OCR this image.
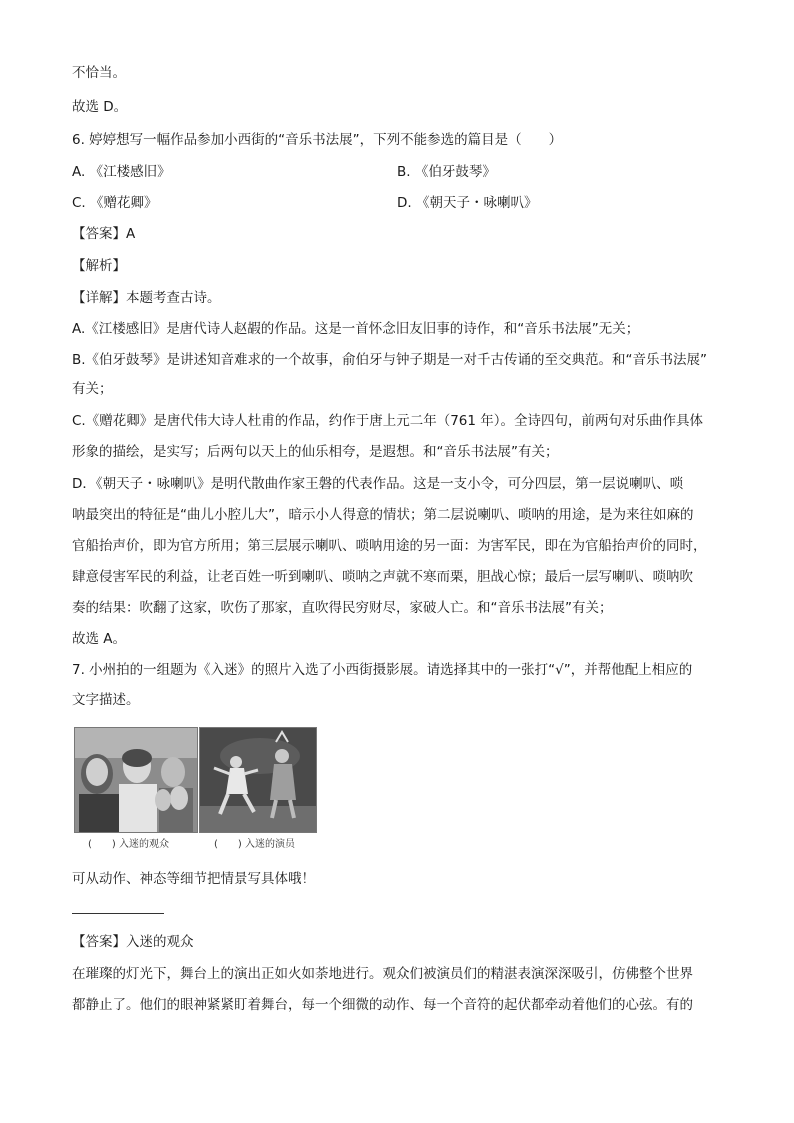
不恰当。
故选 D。
6. 婷婷想写一幅作品参加小西街的“音乐书法展”，下列不能参选的篇目是（　　）
A. 《江楼感旧》	B. 《伯牙鼓琴》
C. 《赠花卿》	D. 《朝天子・咏喇叭》
【答案】A
【解析】
【详解】本题考查古诗。
A.《江楼感旧》是唐代诗人赵嘏的作品。这是一首怀念旧友旧事的诗作，和“音乐书法展”无关；
B.《伯牙鼓琴》是讲述知音难求的一个故事，俞伯牙与钟子期是一对千古传诵的至交典范。和“音乐书法展”
有关；
C.《赠花卿》是唐代伟大诗人杜甫的作品，约作于唐上元二年（761 年）。全诗四句，前两句对乐曲作具体
形象的描绘，是实写；后两句以天上的仙乐相夸，是遐想。和“音乐书法展”有关；
D．《朝天子・咏喇叭》是明代散曲作家王磐的代表作品。这是一支小令，可分四层，第一层说喇叭、唢
呐最突出的特征是“曲儿小腔儿大”，暗示小人得意的情状；第二层说喇叭、唢呐的用途，是为来往如麻的
官船抬声价，即为官方所用；第三层展示喇叭、唢呐用途的另一面：为害军民，即在为官船抬声价的同时，
肆意侵害军民的利益，让老百姓一听到喇叭、唢呐之声就不寒而栗，胆战心惊；最后一层写喇叭、唢呐吹
奏的结果：吹翻了这家，吹伤了那家，直吹得民穷财尽，家破人亡。和“音乐书法展”有关；
故选 A。
7. 小州拍的一组题为《入迷》的照片入选了小西街摄影展。请选择其中的一张打“√”，并帮他配上相应的
文字描述。
(　　) 入迷的观众	(　　) 入迷的演员
可从动作、神态等细节把情景写具体哦！
【答案】入迷的观众
在璀璨的灯光下，舞台上的演出正如火如荼地进行。观众们被演员们的精湛表演深深吸引，仿佛整个世界
都静止了。他们的眼神紧紧盯着舞台，每一个细微的动作、每一个音符的起伏都牵动着他们的心弦。有的
